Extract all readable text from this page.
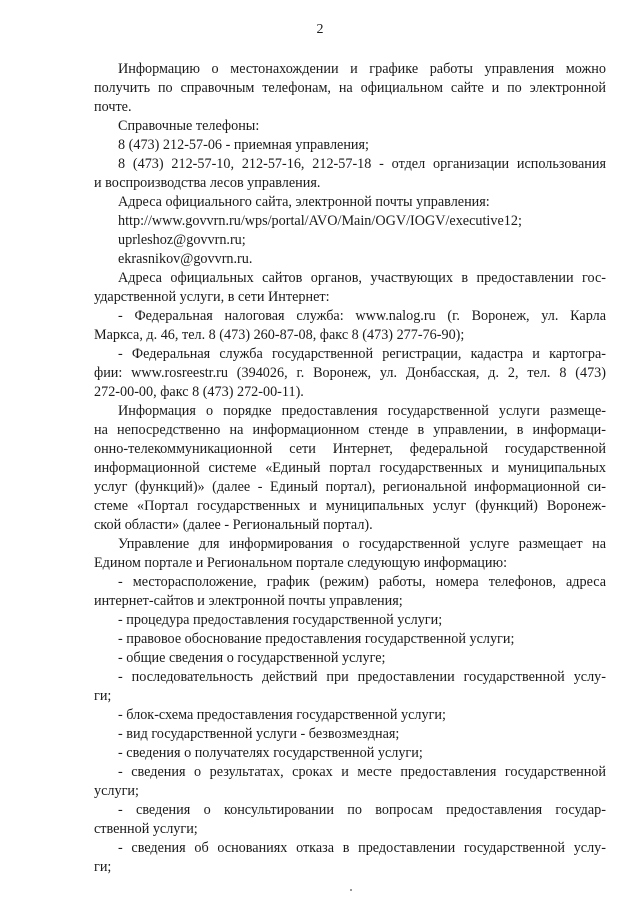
2
Информацию о местонахождении и графике работы управления можно
получить по справочным телефонам, на официальном сайте и по электронной
почте.
Справочные телефоны:
8 (473) 212-57-06 - приемная управления;
8 (473) 212-57-10, 212-57-16, 212-57-18 - отдел организации использования
и воспроизводства лесов управления.
Адреса официального сайта, электронной почты управления:
http://www.govvrn.ru/wps/portal/AVO/Main/OGV/IOGV/executive12;
uprleshoz@govvrn.ru;
ekrasnikov@govvrn.ru.
Адреса официальных сайтов органов, участвующих в предоставлении гос-
ударственной услуги, в сети Интернет:
- Федеральная налоговая служба: www.nalog.ru (г. Воронеж, ул. Карла
Маркса, д. 46, тел. 8 (473) 260-87-08, факс 8 (473) 277-76-90);
- Федеральная служба государственной регистрации, кадастра и картогра-
фии: www.rosreestr.ru (394026, г. Воронеж, ул. Донбасская, д. 2, тел. 8 (473)
272-00-00, факс 8 (473) 272-00-11).
Информация о порядке предоставления государственной услуги размеще-
на непосредственно на информационном стенде в управлении, в информаци-
онно-телекоммуникационной сети Интернет, федеральной государственной
информационной системе «Единый портал государственных и муниципальных
услуг (функций)» (далее - Единый портал), региональной информационной си-
стеме «Портал государственных и муниципальных услуг (функций) Воронеж-
ской области» (далее - Региональный портал).
Управление для информирования о государственной услуге размещает на
Едином портале и Региональном портале следующую информацию:
- месторасположение, график (режим) работы, номера телефонов, адреса
интернет-сайтов и электронной почты управления;
- процедура предоставления государственной услуги;
- правовое обоснование предоставления государственной услуги;
- общие сведения о государственной услуге;
- последовательность действий при предоставлении государственной услу-
ги;
- блок-схема предоставления государственной услуги;
- вид государственной услуги - безвозмездная;
- сведения о получателях государственной услуги;
- сведения о результатах, сроках и месте предоставления государственной
услуги;
- сведения о консультировании по вопросам предоставления государ-
ственной услуги;
- сведения об основаниях отказа в предоставлении государственной услу-
ги;
